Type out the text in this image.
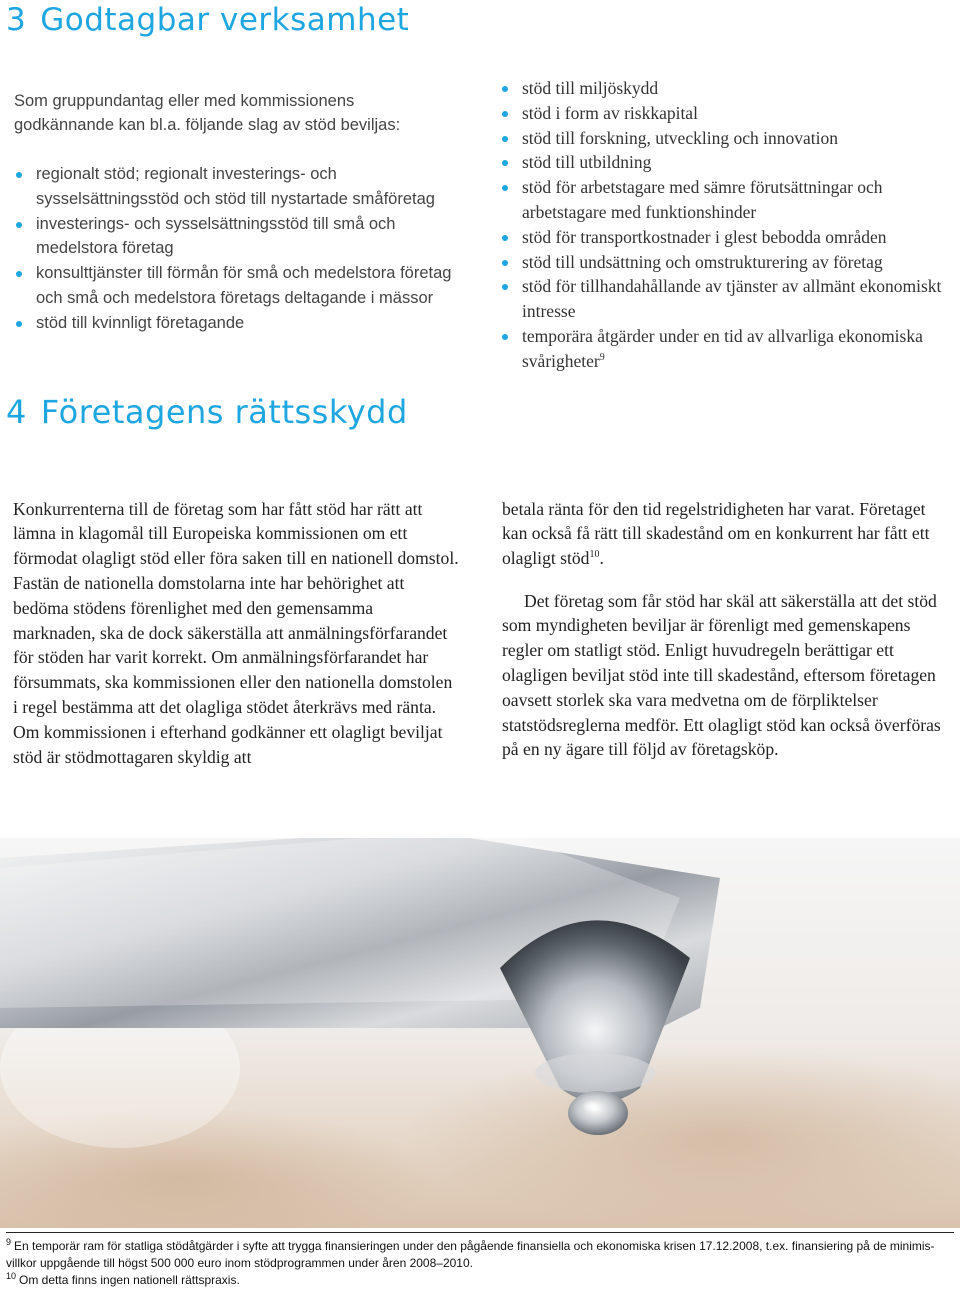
3 Godtagbar verksamhet

Som gruppundantag eller med kommissionens godkännande kan bl.a. följande slag av stöd beviljas:

regionalt stöd; regionalt investerings- och sysselsättningsstöd och stöd till nystartade småföretag
investerings- och sysselsättningsstöd till små och medelstora företag
konsulttjänster till förmån för små och medelstora företag och små och medelstora företags deltagande i mässor
stöd till kvinnligt företagande
stöd till miljöskydd
stöd i form av riskkapital
stöd till forskning, utveckling och innovation
stöd till utbildning
stöd för arbetstagare med sämre förutsättningar och arbetstagare med funktionshinder
stöd för transportkostnader i glest bebodda områden
stöd till undsättning och omstrukturering av företag
stöd för tillhandahållande av tjänster av allmänt ekonomiskt intresse
temporära åtgärder under en tid av allvarliga ekonomiska svårigheter$^9$
4 Företagens rättsskydd

Konkurrenterna till de företag som har fått stöd har rätt att lämna in klagomål till Europeiska kommissionen om ett förmodat olagligt stöd eller föra saken till en nationell domstol. Fastän de nationella domstolarna inte har behörighet att bedöma stödens förenlighet med den gemensamma marknaden, ska de dock säkerställa att anmälningsförfarandet för stöden har varit korrekt. Om anmälningsförfarandet har försummats, ska kommissionen eller den nationella domstolen i regel bestämma att det olagliga stödet återkrävs med ränta. Om kommissionen i efterhand godkänner ett olagligt beviljat stöd är stödmottagaren skyldig att

betala ränta för den tid regelstridigheten har varat. Företaget kan också få rätt till skadestånd om en konkurrent har fått ett olagligt stöd$^{10}$.

Det företag som får stöd har skäl att säkerställa att det stöd som myndigheten beviljar är förenligt med gemenskapens regler om statligt stöd. Enligt huvudregeln berättigar ett olagligen beviljat stöd inte till skadestånd, eftersom företagen oavsett storlek ska vara medvetna om de förpliktelser statstödsreglerna medför. Ett olagligt stöd kan också överföras på en ny ägare till följd av företagsköp.

$^9$ En temporär ram för statliga stödåtgärder i syfte att trygga finansieringen under den pågående finansiella och ekonomiska krisen 17.12.2008, t.ex. finansiering på de minimis-villkor uppgående till högst 500 000 euro inom stödprogrammen under åren 2008–2010.

$^{10}$ Om detta finns ingen nationell rättspraxis.
